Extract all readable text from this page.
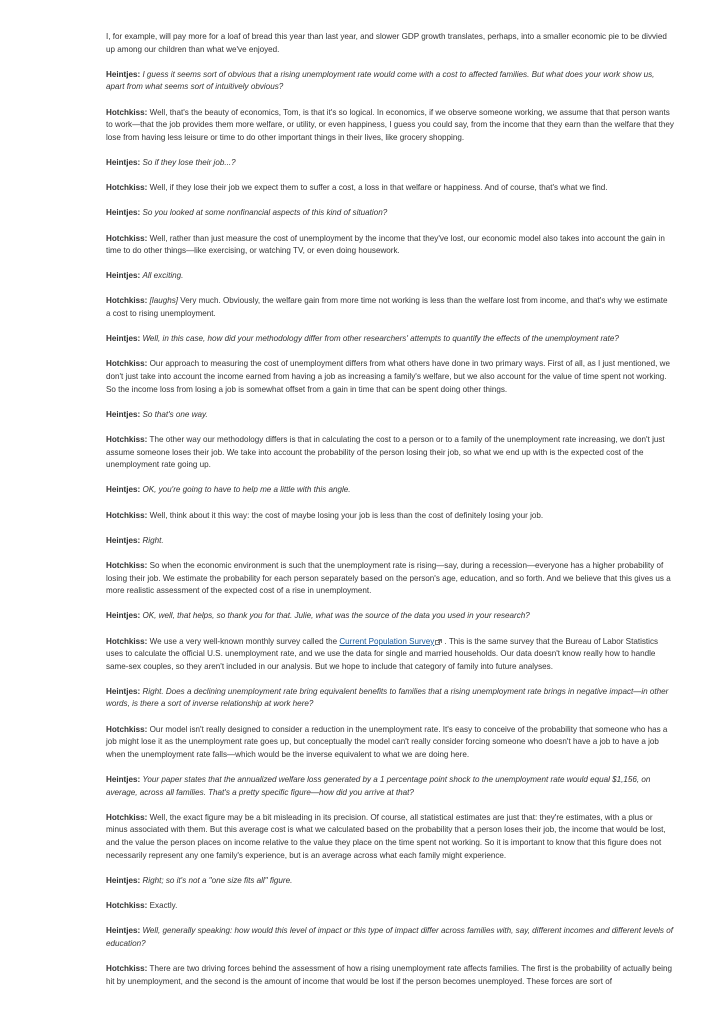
I, for example, will pay more for a loaf of bread this year than last year, and slower GDP growth translates, perhaps, into a smaller economic pie to be divvied up among our children than what we've enjoyed.

Heintjes: I guess it seems sort of obvious that a rising unemployment rate would come with a cost to affected families. But what does your work show us, apart from what seems sort of intuitively obvious?

Hotchkiss: Well, that's the beauty of economics, Tom, is that it's so logical. In economics, if we observe someone working, we assume that that person wants to work—that the job provides them more welfare, or utility, or even happiness, I guess you could say, from the income that they earn than the welfare that they lose from having less leisure or time to do other important things in their lives, like grocery shopping.

Heintjes: So if they lose their job...?

Hotchkiss: Well, if they lose their job we expect them to suffer a cost, a loss in that welfare or happiness. And of course, that's what we find.

Heintjes: So you looked at some nonfinancial aspects of this kind of situation?

Hotchkiss: Well, rather than just measure the cost of unemployment by the income that they've lost, our economic model also takes into account the gain in time to do other things—like exercising, or watching TV, or even doing housework.

Heintjes: All exciting.

Hotchkiss: [laughs] Very much. Obviously, the welfare gain from more time not working is less than the welfare lost from income, and that's why we estimate a cost to rising unemployment.

Heintjes: Well, in this case, how did your methodology differ from other researchers' attempts to quantify the effects of the unemployment rate?

Hotchkiss: Our approach to measuring the cost of unemployment differs from what others have done in two primary ways. First of all, as I just mentioned, we don't just take into account the income earned from having a job as increasing a family's welfare, but we also account for the value of time spent not working. So the income loss from losing a job is somewhat offset from a gain in time that can be spent doing other things.

Heintjes: So that's one way.

Hotchkiss: The other way our methodology differs is that in calculating the cost to a person or to a family of the unemployment rate increasing, we don't just assume someone loses their job. We take into account the probability of the person losing their job, so what we end up with is the expected cost of the unemployment rate going up.

Heintjes: OK, you're going to have to help me a little with this angle.

Hotchkiss: Well, think about it this way: the cost of maybe losing your job is less than the cost of definitely losing your job.

Heintjes: Right.

Hotchkiss: So when the economic environment is such that the unemployment rate is rising—say, during a recession—everyone has a higher probability of losing their job. We estimate the probability for each person separately based on the person's age, education, and so forth. And we believe that this gives us a more realistic assessment of the expected cost of a rise in unemployment.

Heintjes: OK, well, that helps, so thank you for that. Julie, what was the source of the data you used in your research?

Hotchkiss: We use a very well-known monthly survey called the Current Population Survey . This is the same survey that the Bureau of Labor Statistics uses to calculate the official U.S. unemployment rate, and we use the data for single and married households. Our data doesn't know really how to handle same-sex couples, so they aren't included in our analysis. But we hope to include that category of family into future analyses.

Heintjes: Right. Does a declining unemployment rate bring equivalent benefits to families that a rising unemployment rate brings in negative impact—in other words, is there a sort of inverse relationship at work here?

Hotchkiss: Our model isn't really designed to consider a reduction in the unemployment rate. It's easy to conceive of the probability that someone who has a job might lose it as the unemployment rate goes up, but conceptually the model can't really consider forcing someone who doesn't have a job to have a job when the unemployment rate falls—which would be the inverse equivalent to what we are doing here.

Heintjes: Your paper states that the annualized welfare loss generated by a 1 percentage point shock to the unemployment rate would equal $1,156, on average, across all families. That's a pretty specific figure—how did you arrive at that?

Hotchkiss: Well, the exact figure may be a bit misleading in its precision. Of course, all statistical estimates are just that: they're estimates, with a plus or minus associated with them. But this average cost is what we calculated based on the probability that a person loses their job, the income that would be lost, and the value the person places on income relative to the value they place on the time spent not working. So it is important to know that this figure does not necessarily represent any one family's experience, but is an average across what each family might experience.

Heintjes: Right; so it's not a "one size fits all" figure.

Hotchkiss: Exactly.

Heintjes: Well, generally speaking: how would this level of impact or this type of impact differ across families with, say, different incomes and different levels of education?

Hotchkiss: There are two driving forces behind the assessment of how a rising unemployment rate affects families. The first is the probability of actually being hit by unemployment, and the second is the amount of income that would be lost if the person becomes unemployed. These forces are sort of
